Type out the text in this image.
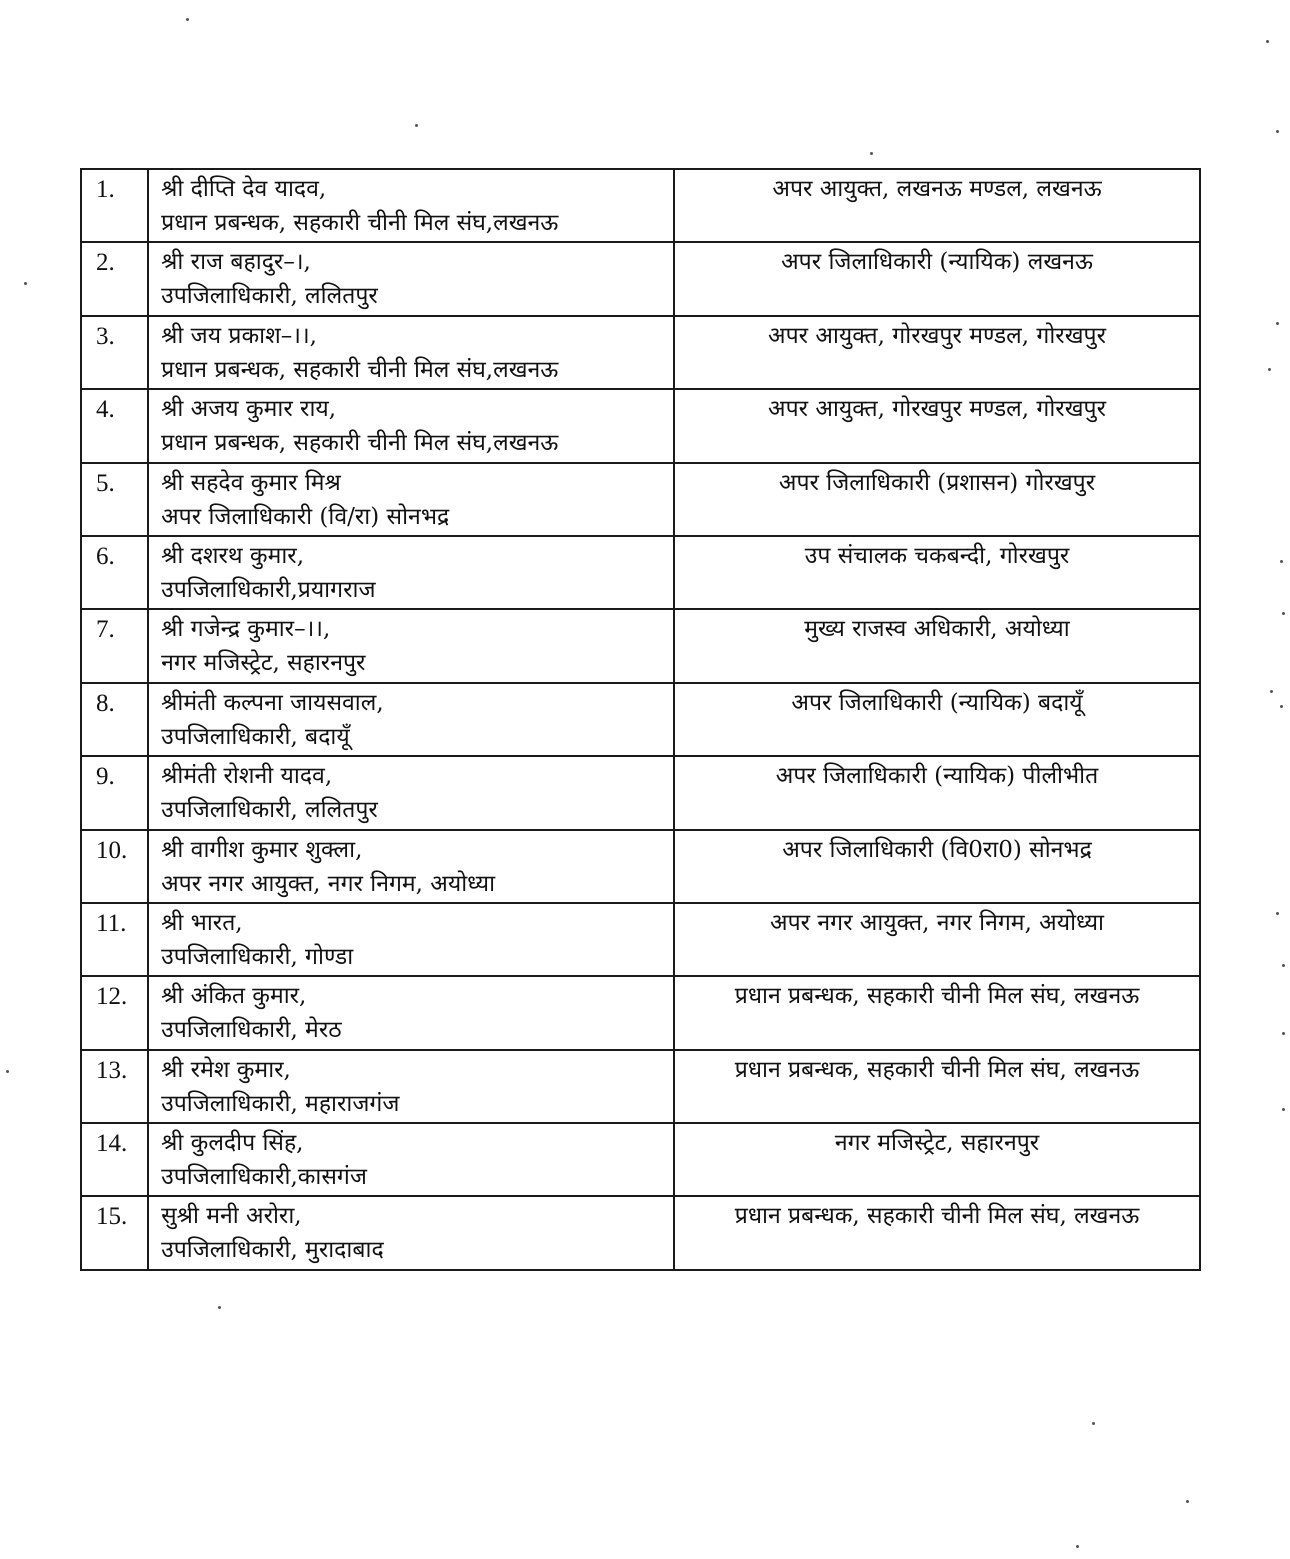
1.	श्री दीप्ति देव यादव,
प्रधान प्रबन्धक, सहकारी चीनी मिल संघ,लखनऊ	अपर आयुक्त, लखनऊ मण्डल, लखनऊ
2.	श्री राज बहादुर–।,
उपजिलाधिकारी, ललितपुर	अपर जिलाधिकारी (न्यायिक) लखनऊ
3.	श्री जय प्रकाश–।।,
प्रधान प्रबन्धक, सहकारी चीनी मिल संघ,लखनऊ	अपर आयुक्त, गोरखपुर मण्डल, गोरखपुर
4.	श्री अजय कुमार राय,
प्रधान प्रबन्धक, सहकारी चीनी मिल संघ,लखनऊ	अपर आयुक्त, गोरखपुर मण्डल, गोरखपुर
5.	श्री सहदेव कुमार मिश्र
अपर जिलाधिकारी (वि/रा) सोनभद्र	अपर जिलाधिकारी (प्रशासन) गोरखपुर
6.	श्री दशरथ कुमार,
उपजिलाधिकारी,प्रयागराज	उप संचालक चकबन्दी, गोरखपुर
7.	श्री गजेन्द्र कुमार–।।,
नगर मजिस्ट्रेट, सहारनपुर	मुख्य राजस्व अधिकारी, अयोध्या
8.	श्रीमंती कल्पना जायसवाल,
उपजिलाधिकारी, बदायूँ	अपर जिलाधिकारी (न्यायिक) बदायूँ
9.	श्रीमंती रोशनी यादव,
उपजिलाधिकारी, ललितपुर	अपर जिलाधिकारी (न्यायिक) पीलीभीत
10.	श्री वागीश कुमार शुक्ला,
अपर नगर आयुक्त, नगर निगम, अयोध्या	अपर जिलाधिकारी (वि0रा0) सोनभद्र
11.	श्री भारत,
उपजिलाधिकारी, गोण्डा	अपर नगर आयुक्त, नगर निगम, अयोध्या
12.	श्री अंकित कुमार,
उपजिलाधिकारी, मेरठ	प्रधान प्रबन्धक, सहकारी चीनी मिल संघ, लखनऊ
13.	श्री रमेश कुमार,
उपजिलाधिकारी, महाराजगंज	प्रधान प्रबन्धक, सहकारी चीनी मिल संघ, लखनऊ
14.	श्री कुलदीप सिंह,
उपजिलाधिकारी,कासगंज	नगर मजिस्ट्रेट, सहारनपुर
15.	सुश्री मनी अरोरा,
उपजिलाधिकारी, मुरादाबाद	प्रधान प्रबन्धक, सहकारी चीनी मिल संघ, लखनऊ
